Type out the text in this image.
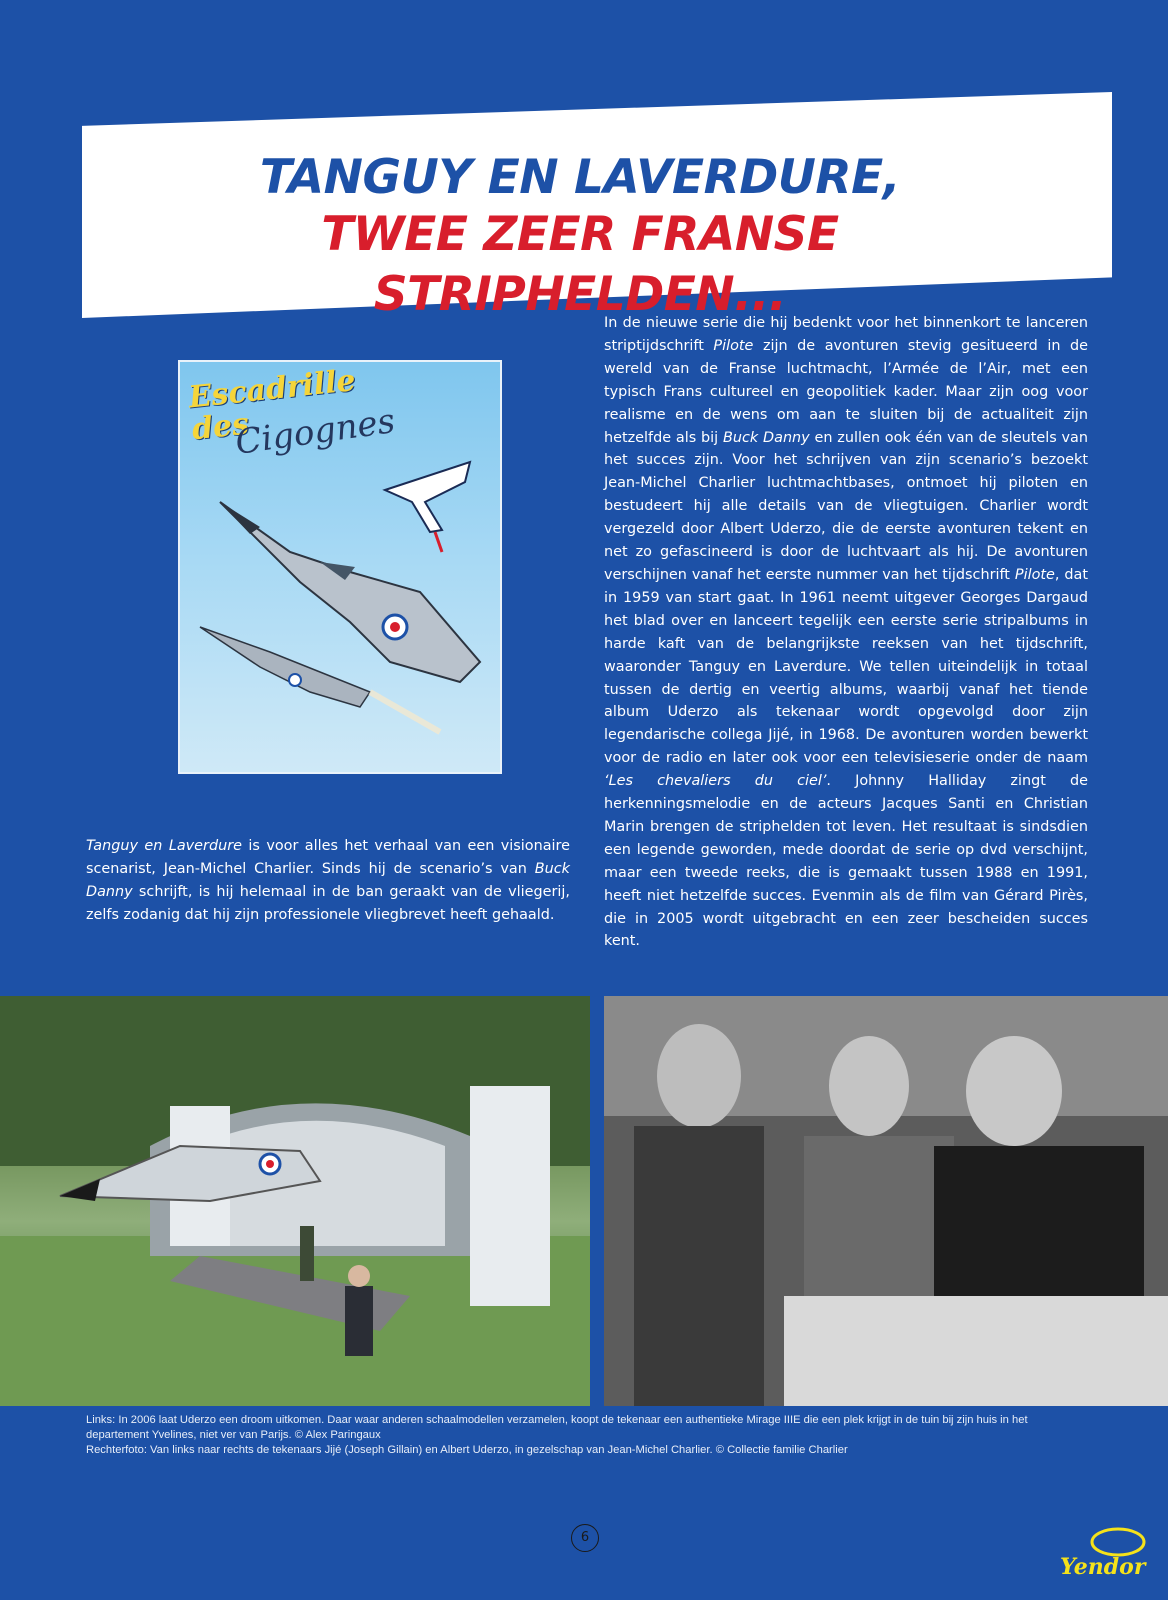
TANGUY EN LAVERDURE,
TWEE ZEER FRANSE STRIPHELDEN...
Escadrille des
Cigognes

In de nieuwe serie die hij bedenkt voor het binnenkort te lanceren striptijdschrift Pilote zijn de avonturen stevig gesitueerd in de wereld van de Franse luchtmacht, l’Armée de l’Air, met een typisch Frans cultureel en geopolitiek kader. Maar zijn oog voor realisme en de wens om aan te sluiten bij de actualiteit zijn hetzelfde als bij Buck Danny en zullen ook één van de sleutels van het succes zijn. Voor het schrijven van zijn scenario’s bezoekt Jean-Michel Charlier luchtmachtbases, ontmoet hij piloten en bestudeert hij alle details van de vliegtuigen. Charlier wordt vergezeld door Albert Uderzo, die de eerste avonturen tekent en net zo gefascineerd is door de luchtvaart als hij. De avonturen verschijnen vanaf het eerste nummer van het tijdschrift Pilote, dat in 1959 van start gaat. In 1961 neemt uitgever Georges Dargaud het blad over en lanceert tegelijk een eerste serie stripalbums in harde kaft van de belangrijkste reeksen van het tijdschrift, waaronder Tanguy en Laverdure. We tellen uiteindelijk in totaal tussen de dertig en veertig albums, waarbij vanaf het tiende album Uderzo als tekenaar wordt opgevolgd door zijn legendarische collega Jijé, in 1968. De avonturen worden bewerkt voor de radio en later ook voor een televisieserie onder de naam ‘Les chevaliers du ciel’. Johnny Halliday zingt de herkenningsmelodie en de acteurs Jacques Santi en Christian Marin brengen de striphelden tot leven. Het resultaat is sindsdien een legende geworden, mede doordat de serie op dvd verschijnt, maar een tweede reeks, die is gemaakt tussen 1988 en 1991, heeft niet hetzelfde succes. Evenmin als de film van Gérard Pirès, die in 2005 wordt uitgebracht en een zeer bescheiden succes kent.

Tanguy en Laverdure is voor alles het verhaal van een visionaire scenarist, Jean-Michel Charlier. Sinds hij de scenario’s van Buck Danny schrijft, is hij helemaal in de ban geraakt van de vliegerij, zelfs zodanig dat hij zijn professionele vliegbrevet heeft gehaald.

Links: In 2006 laat Uderzo een droom uitkomen. Daar waar anderen schaalmodellen verzamelen, koopt de tekenaar een authentieke Mirage IIIE die een plek krijgt in de tuin bij zijn huis in het departement Yvelines, niet ver van Parijs. © Alex Paringaux

Rechterfoto: Van links naar rechts de tekenaars Jijé (Joseph Gillain) en Albert Uderzo, in gezelschap van Jean-Michel Charlier. © Collectie familie Charlier

6
Yendor
